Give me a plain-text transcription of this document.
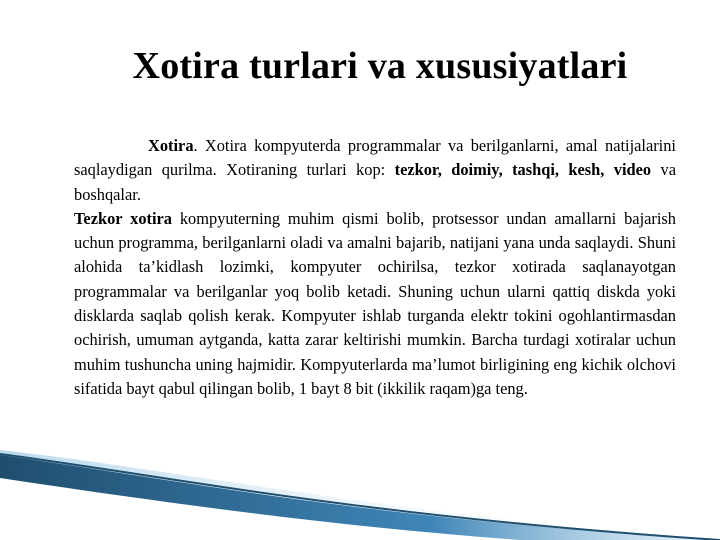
Xotira turlari va xususiyatlari

Xotira. Xotira kompyuterda programmalar va berilganlarni, amal natijalarini saqlaydigan qurilma. Xotiraning turlari kop: tezkor, doimiy, tashqi, kesh, video va boshqalar.

Tezkor xotira kompyuterning muhim qismi bolib, protsessor undan amallarni bajarish uchun programma, berilganlarni oladi va amalni bajarib, natijani yana unda saqlaydi. Shuni alohida ta’kidlash lozimki, kompyuter ochirilsa, tezkor xotirada saqlanayotgan programmalar va berilganlar yoq bolib ketadi. Shuning uchun ularni qattiq diskda yoki disklarda saqlab qolish kerak. Kompyuter ishlab turganda elektr tokini ogohlantirmasdan ochirish, umuman aytganda, katta zarar keltirishi mumkin. Barcha turdagi xotiralar uchun muhim tushuncha uning hajmidir. Kompyuterlarda ma’lumot birligining eng kichik olchovi sifatida bayt qabul qilingan bolib, 1 bayt 8 bit (ikkilik raqam)ga teng.
